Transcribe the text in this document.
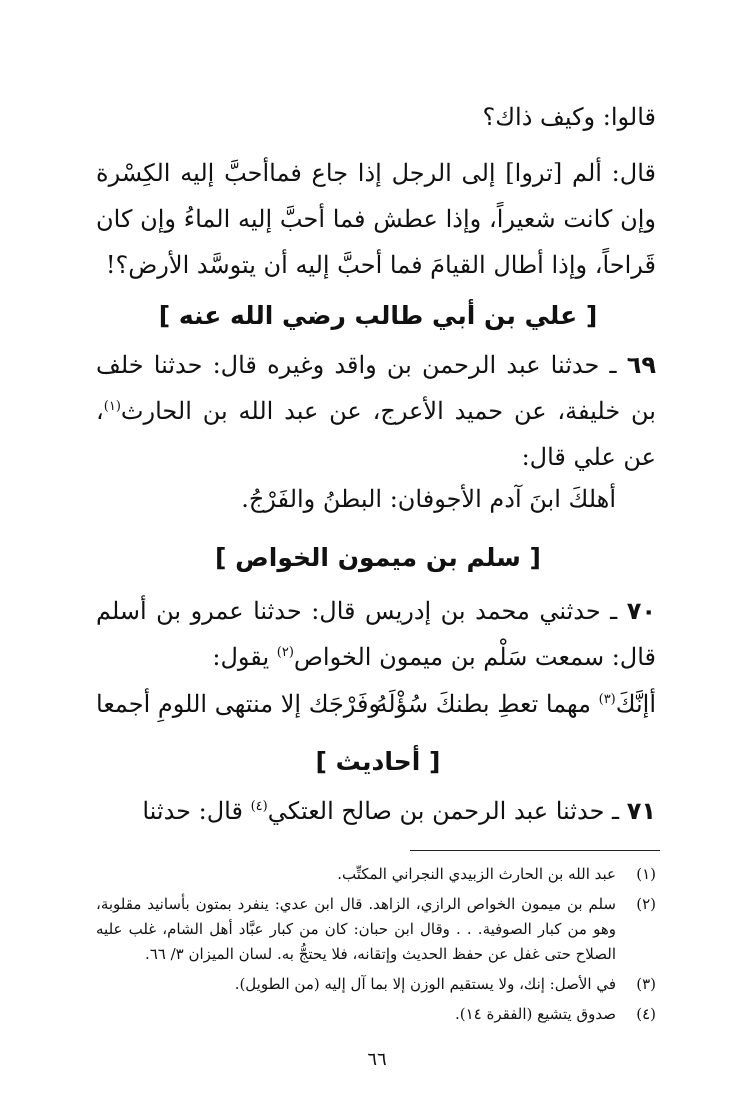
قالوا: وكيف ذاك؟

قال: ألم [تروا] إلى الرجل إذا جاع فماأحبَّ إليه الكِسْرة وإن كانت شعيراً، وإذا عطش فما أحبَّ إليه الماءُ وإن كان قَراحاً، وإذا أطال القيامَ فما أحبَّ إليه أن يتوسَّد الأرض؟!

[ علي بن أبي طالب رضي الله عنه ]

٦٩ ـ حدثنا عبد الرحمن بن واقد وغيره قال: حدثنا خلف بن خليفة، عن حميد الأعرج، عن عبد الله بن الحارث$^{(١)}$، عن علي قال:

أهلكَ ابنَ آدم الأجوفان: البطنُ والفَرْجُ.

[ سلم بن ميمون الخواص ]

٧٠ ـ حدثني محمد بن إدريس قال: حدثنا عمرو بن أسلم قال: سمعت سَلْم بن ميمون الخواص$^{(٢)}$ يقول:

أإنَّكَ$^{(٣)}$ مهما تعطِ بطنكَ سُؤْلَهُ
وفَرْجَك إلا منتهى اللومِ أجمعا
[ أحاديث ]

٧١ ـ حدثنا عبد الرحمن بن صالح العتكي$^{(٤)}$ قال: حدثنا

(١)
عبد الله بن الحارث الزبيدي النجراني المكتِّب.
(٢)
سلم بن ميمون الخواص الرازي، الزاهد. قال ابن عدي: ينفرد بمتون بأسانيد مقلوبة، وهو من كبار الصوفية. . . وقال ابن حبان: كان من كبار عبَّاد أهل الشام، غلب عليه الصلاح حتى غفل عن حفظ الحديث وإتقانه، فلا يحتجُّ به. لسان الميزان ٣/ ٦٦.
(٣)
في الأصل: إنك، ولا يستقيم الوزن إلا بما آل إليه (من الطويل).
(٤)
صدوق يتشيع (الفقرة ١٤).
٦٦
